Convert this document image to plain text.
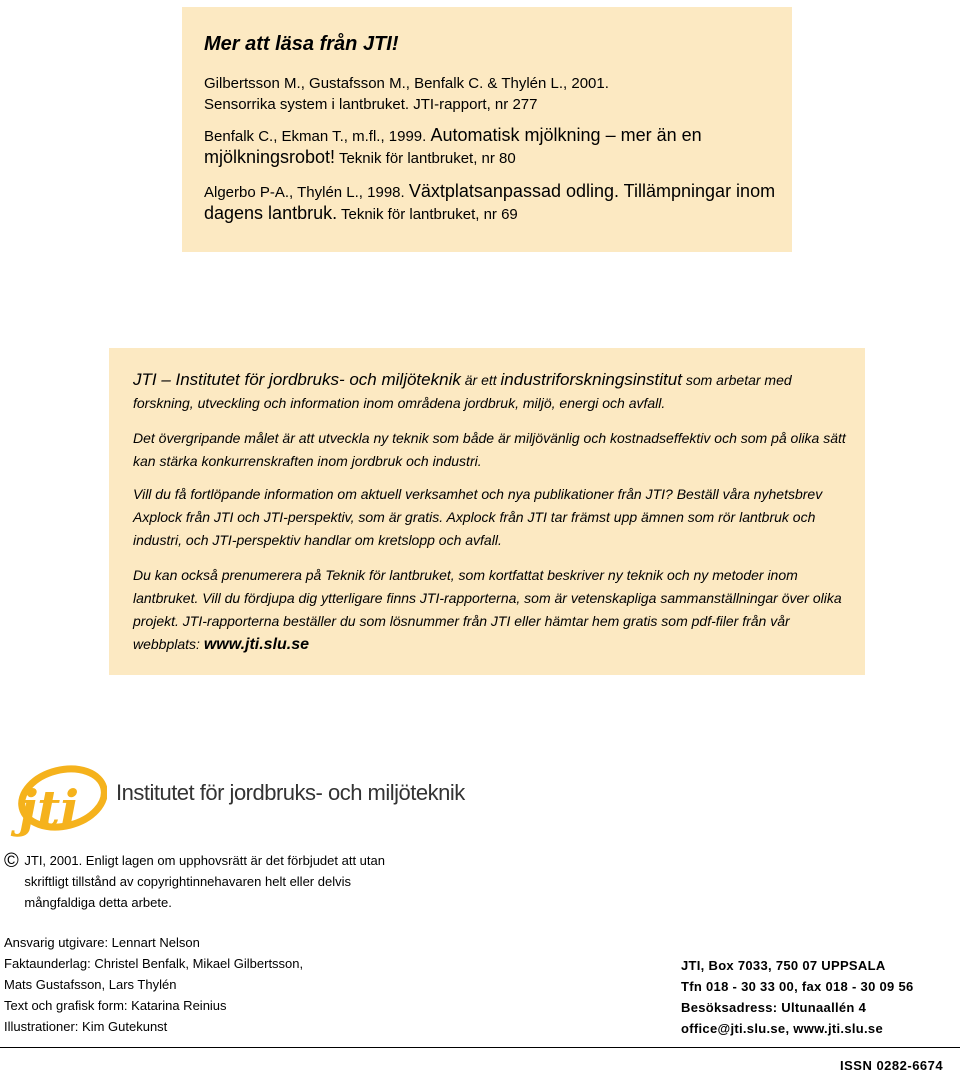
Mer att läsa från JTI!
Gilbertsson M., Gustafsson M., Benfalk C. & Thylén L., 2001.
Sensorrika system i lantbruket. JTI-rapport, nr 277
Benfalk C., Ekman T., m.fl., 1999. Automatisk mjölkning – mer än en mjölkningsrobot! Teknik för lantbruket, nr 80
Algerbo P-A., Thylén L., 1998. Växtplatsanpassad odling. Tillämpningar inom dagens lantbruk. Teknik för lantbruket, nr 69
JTI – Institutet för jordbruks- och miljöteknik är ett industriforskningsinstitut som arbetar med forskning, utveckling och information inom områdena jordbruk, miljö, energi och avfall.
Det övergripande målet är att utveckla ny teknik som både är miljövänlig och kostnadseffektiv och som på olika sätt kan stärka konkurrenskraften inom jordbruk och industri.
Vill du få fortlöpande information om aktuell verksamhet och nya publikationer från JTI? Beställ våra nyhetsbrev Axplock från JTI och JTI-perspektiv, som är gratis. Axplock från JTI tar främst upp ämnen som rör lantbruk och industri, och JTI-perspektiv handlar om kretslopp och avfall.
Du kan också prenumerera på Teknik för lantbruket, som kortfattat beskriver ny teknik och ny metoder inom lantbruket. Vill du fördjupa dig ytterligare finns JTI-rapporterna, som är vetenskapliga sammanställningar över olika projekt. JTI-rapporterna beställer du som lösnummer från JTI eller hämtar hem gratis som pdf-filer från vår webbplats: www.jti.slu.se
jti Institutet för jordbruks- och miljöteknik
© JTI, 2001. Enligt lagen om upphovsrätt är det förbjudet att utan skriftligt tillstånd av copyrightinnehavaren helt eller delvis mångfaldiga detta arbete.
Ansvarig utgivare: Lennart Nelson
Faktaunderlag: Christel Benfalk, Mikael Gilbertsson,
Mats Gustafsson, Lars Thylén
Text och grafisk form: Katarina Reinius
Illustrationer: Kim Gutekunst
JTI, Box 7033, 750 07 UPPSALA
Tfn 018 - 30 33 00, fax 018 - 30 09 56
Besöksadress: Ultunaallén 4
office@jti.slu.se, www.jti.slu.se
ISSN 0282-6674
